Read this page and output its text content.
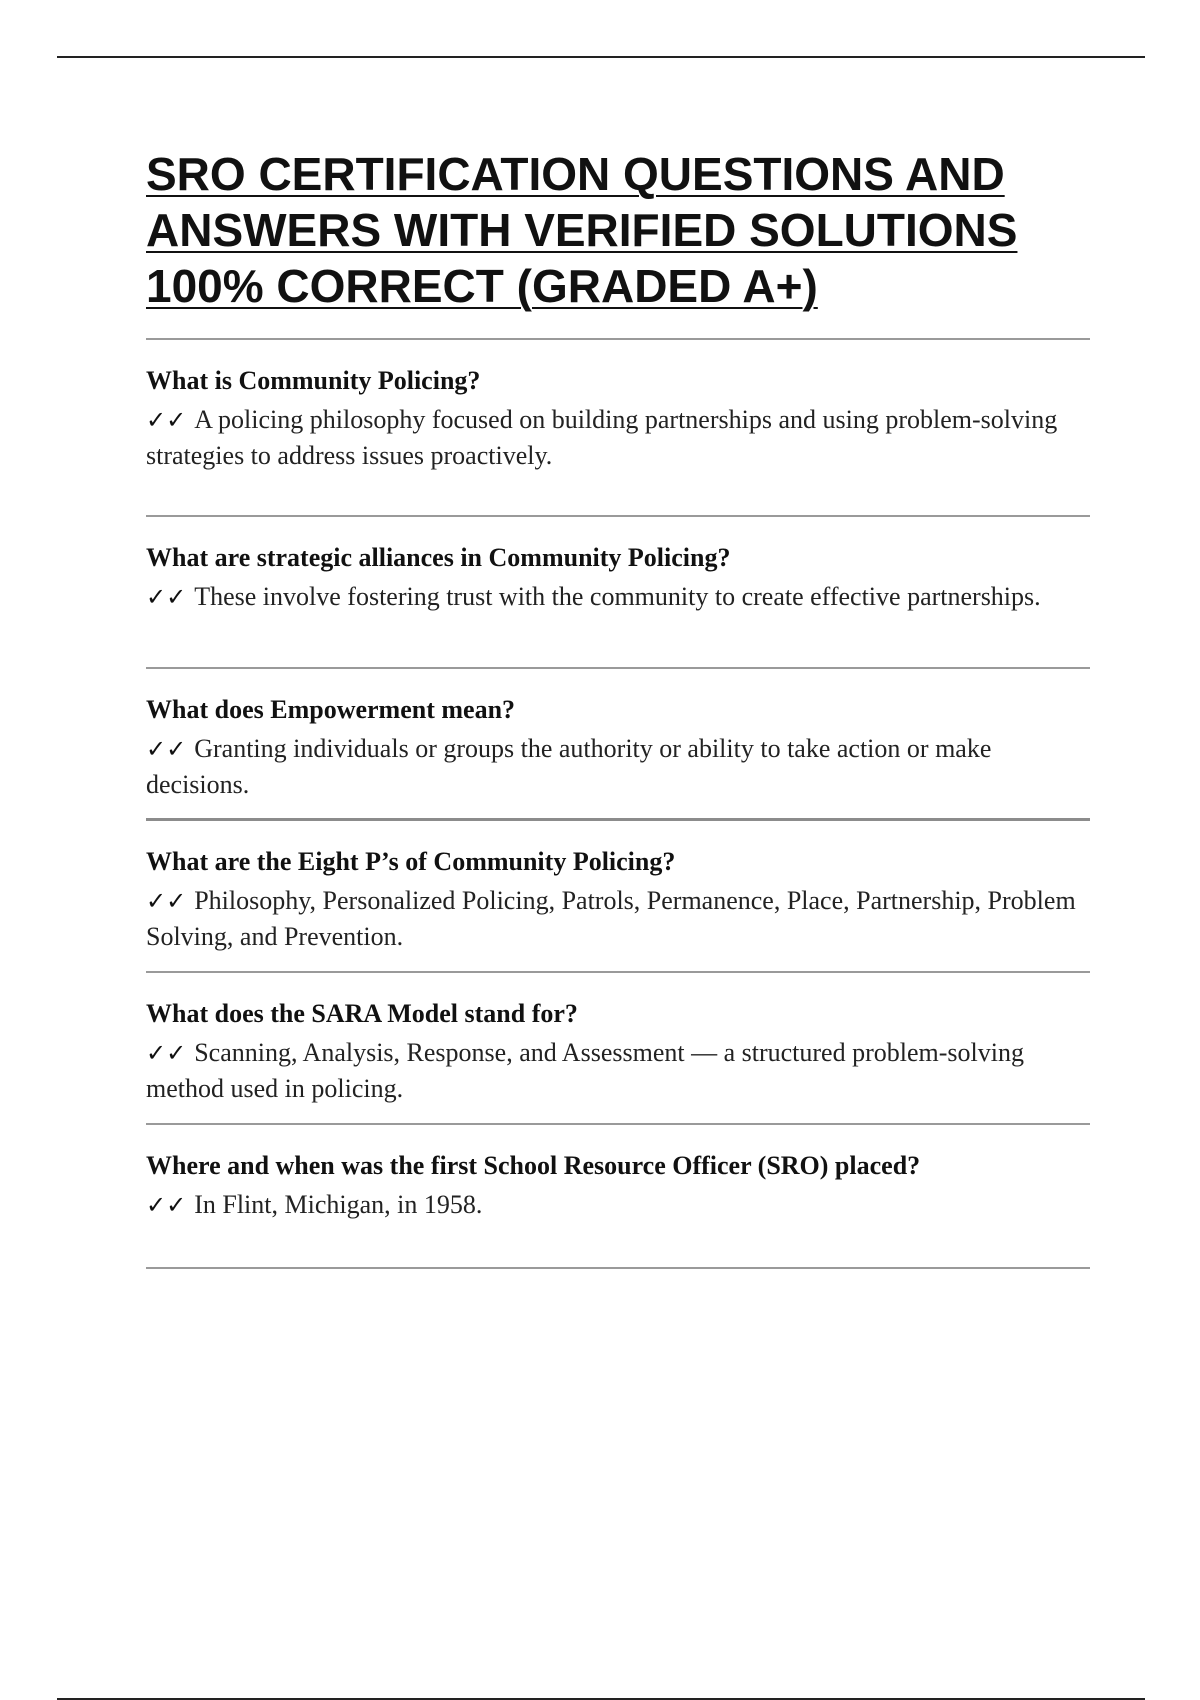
SRO CERTIFICATION QUESTIONS AND ANSWERS WITH VERIFIED SOLUTIONS 100% CORRECT (GRADED A+)

What is Community Policing?

✓✓ A policing philosophy focused on building partnerships and using problem-solving strategies to address issues proactively.

What are strategic alliances in Community Policing?

✓✓ These involve fostering trust with the community to create effective partnerships.

What does Empowerment mean?

✓✓ Granting individuals or groups the authority or ability to take action or make decisions.

What are the Eight P’s of Community Policing?

✓✓ Philosophy, Personalized Policing, Patrols, Permanence, Place, Partnership, Problem Solving, and Prevention.

What does the SARA Model stand for?

✓✓ Scanning, Analysis, Response, and Assessment — a structured problem-solving method used in policing.

Where and when was the first School Resource Officer (SRO) placed?

✓✓ In Flint, Michigan, in 1958.
